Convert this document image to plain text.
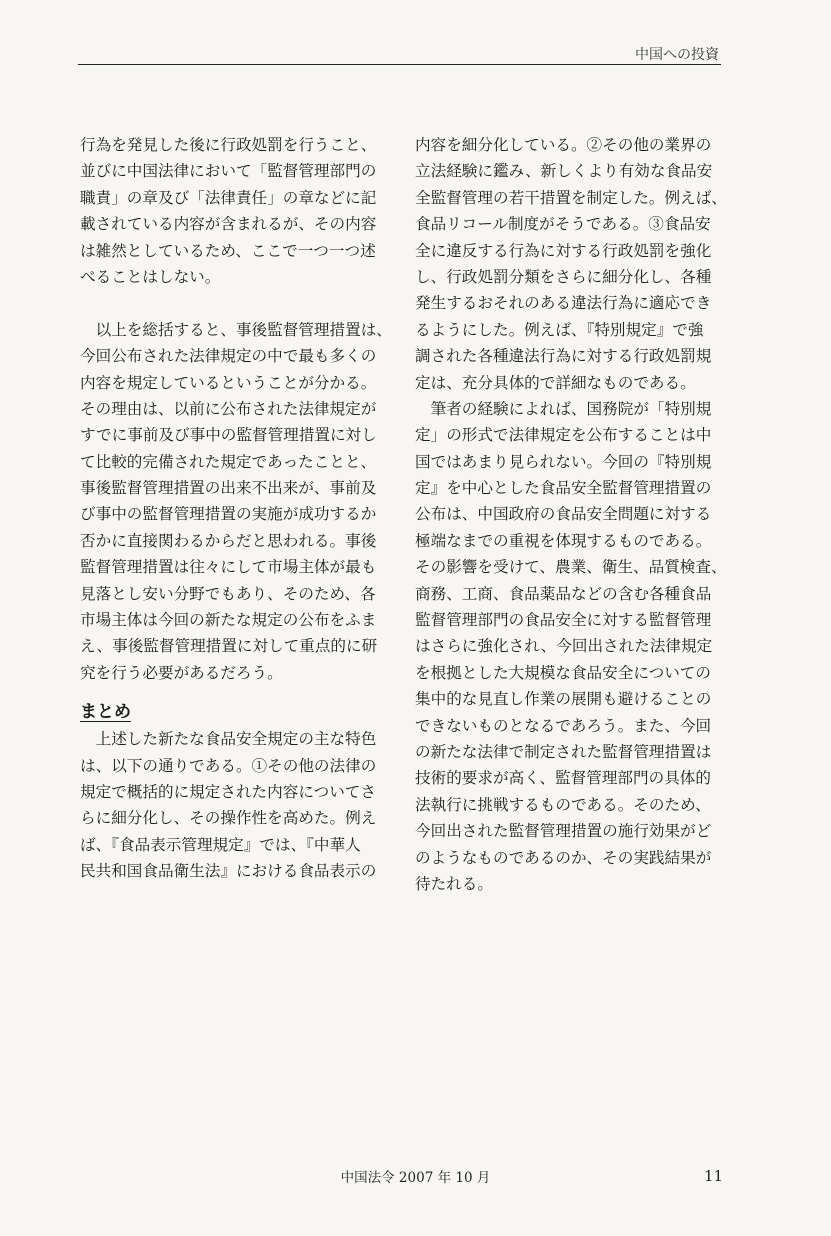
中国への投資
行為を発見した後に行政処罰を行うこと、
並びに中国法律において「監督管理部門の
職責」の章及び「法律責任」の章などに記
載されている内容が含まれるが、その内容
は雑然としているため、ここで一つ一つ述
べることはしない。
　以上を総括すると、事後監督管理措置は、
今回公布された法律規定の中で最も多くの
内容を規定しているということが分かる。
その理由は、以前に公布された法律規定が
すでに事前及び事中の監督管理措置に対し
て比較的完備された規定であったことと、
事後監督管理措置の出来不出来が、事前及
び事中の監督管理措置の実施が成功するか
否かに直接関わるからだと思われる。事後
監督管理措置は往々にして市場主体が最も
見落とし安い分野でもあり、そのため、各
市場主体は今回の新たな規定の公布をふま
え、事後監督管理措置に対して重点的に研
究を行う必要があるだろう。
まとめ
　上述した新たな食品安全規定の主な特色
は、以下の通りである。①その他の法律の
規定で概括的に規定された内容についてさ
らに細分化し、その操作性を高めた。例え
ば、『食品表示管理規定』では、『中華人
民共和国食品衛生法』における食品表示の
内容を細分化している。②その他の業界の
立法経験に鑑み、新しくより有効な食品安
全監督管理の若干措置を制定した。例えば、
食品リコール制度がそうである。③食品安
全に違反する行為に対する行政処罰を強化
し、行政処罰分類をさらに細分化し、各種
発生するおそれのある違法行為に適応でき
るようにした。例えば、『特別規定』で強
調された各種違法行為に対する行政処罰規
定は、充分具体的で詳細なものである。
　筆者の経験によれば、国務院が「特別規
定」の形式で法律規定を公布することは中
国ではあまり見られない。今回の『特別規
定』を中心とした食品安全監督管理措置の
公布は、中国政府の食品安全問題に対する
極端なまでの重視を体現するものである。
その影響を受けて、農業、衛生、品質検査、
商務、工商、食品薬品などの含む各種食品
監督管理部門の食品安全に対する監督管理
はさらに強化され、今回出された法律規定
を根拠とした大規模な食品安全についての
集中的な見直し作業の展開も避けることの
できないものとなるであろう。また、今回
の新たな法律で制定された監督管理措置は
技術的要求が高く、監督管理部門の具体的
法執行に挑戦するものである。そのため、
今回出された監督管理措置の施行効果がど
のようなものであるのか、その実践結果が
待たれる。
中国法令 2007 年 10 月	11
